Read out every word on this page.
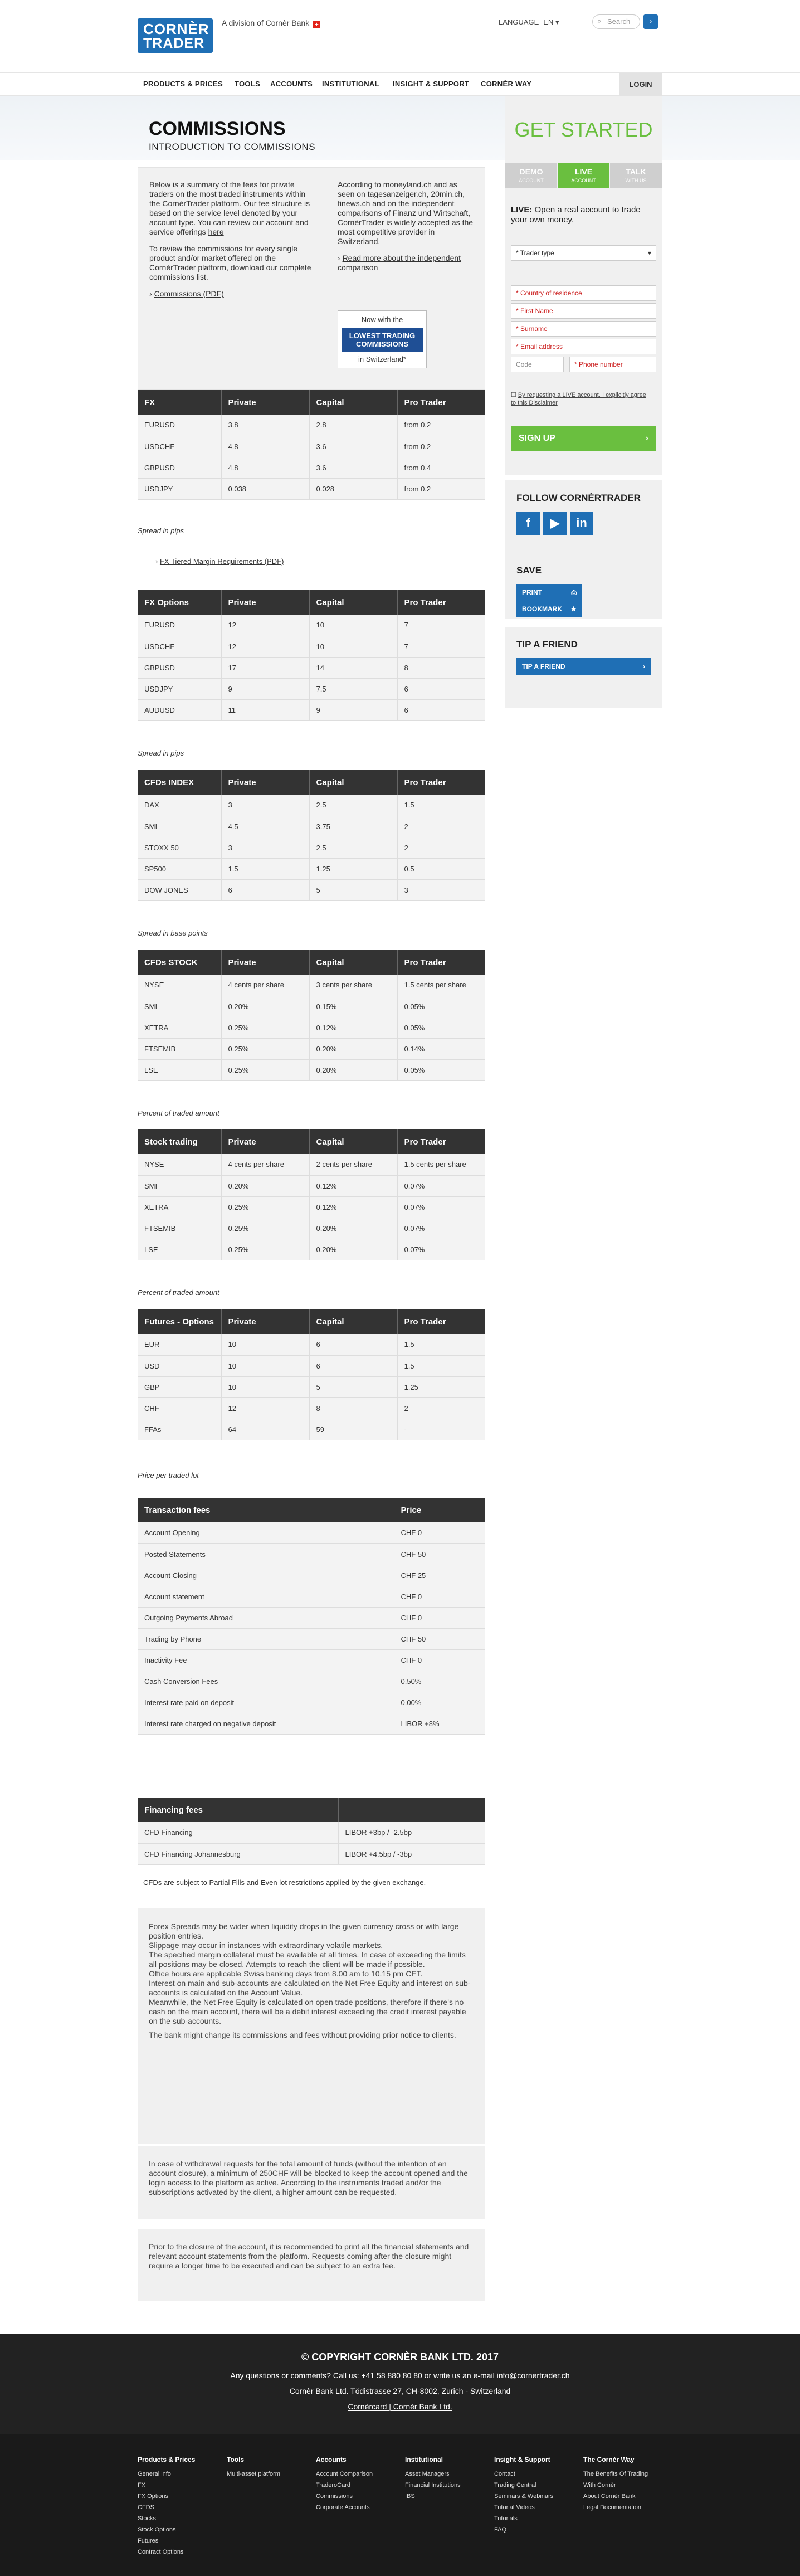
CORNÈR
TRADER
A division of Cornèr Bank +	LANGUAGE EN ▾	⌕ Search	›
PRODUCTS & PRICES TOOLS ACCOUNTS INSTITUTIONAL INSIGHT & SUPPORT CORNÈR WAY	LOGIN
COMMISSIONS
INTRODUCTION TO COMMISSIONS

Below is a summary of the fees for private traders on the most traded instruments within the CornèrTrader platform. Our fee structure is based on the service level denoted by your account type. You can review our account and service offerings here

To review the commissions for every single product and/or market offered on the CornèrTrader platform, download our complete commissions list.

› Commissions (PDF)

According to moneyland.ch and as seen on tagesanzeiger.ch, 20min.ch, finews.ch and on the independent comparisons of Finanz und Wirtschaft, CornèrTrader is widely accepted as the most competitive provider in Switzerland.

› Read more about the independent comparison

Now with the
LOWEST TRADING COMMISSIONS
in Switzerland*
FX	Private	Capital	Pro Trader
EURUSD	3.8	2.8	from 0.2
USDCHF	4.8	3.6	from 0.2
GBPUSD	4.8	3.6	from 0.4
USDJPY	0.038	0.028	from 0.2
Spread in pips
› FX Tiered Margin Requirements (PDF)
FX Options	Private	Capital	Pro Trader
EURUSD	12	10	7
USDCHF	12	10	7
GBPUSD	17	14	8
USDJPY	9	7.5	6
AUDUSD	11	9	6
Spread in pips
CFDs INDEX	Private	Capital	Pro Trader
DAX	3	2.5	1.5
SMI	4.5	3.75	2
STOXX 50	3	2.5	2
SP500	1.5	1.25	0.5
DOW JONES	6	5	3
Spread in base points
CFDs STOCK	Private	Capital	Pro Trader
NYSE	4 cents per share	3 cents per share	1.5 cents per share
SMI	0.20%	0.15%	0.05%
XETRA	0.25%	0.12%	0.05%
FTSEMIB	0.25%	0.20%	0.14%
LSE	0.25%	0.20%	0.05%
Percent of traded amount
Stock trading	Private	Capital	Pro Trader
NYSE	4 cents per share	2 cents per share	1.5 cents per share
SMI	0.20%	0.12%	0.07%
XETRA	0.25%	0.12%	0.07%
FTSEMIB	0.25%	0.20%	0.07%
LSE	0.25%	0.20%	0.07%
Percent of traded amount
Futures - Options	Private	Capital	Pro Trader
EUR	10	6	1.5
USD	10	6	1.5
GBP	10	5	1.25
CHF	12	8	2
FFAs	64	59	-
Price per traded lot
Transaction fees	Price
Account Opening	CHF 0
Posted Statements	CHF 50
Account Closing	CHF 25
Account statement	CHF 0
Outgoing Payments Abroad	CHF 0
Trading by Phone	CHF 50
Inactivity Fee	CHF 0
Cash Conversion Fees	0.50%
Interest rate paid on deposit	0.00%
Interest rate charged on negative deposit	LIBOR +8%
Financing fees	
CFD Financing	LIBOR +3bp / -2.5bp
CFD Financing Johannesburg	LIBOR +4.5bp / -3bp
CFDs are subject to Partial Fills and Even lot restrictions applied by the given exchange.

Forex Spreads may be wider when liquidity drops in the given currency cross or with large position entries.

Slippage may occur in instances with extraordinary volatile markets.

The specified margin collateral must be available at all times. In case of exceeding the limits all positions may be closed. Attempts to reach the client will be made if possible.

Office hours are applicable Swiss banking days from 8.00 am to 10.15 pm CET.

Interest on main and sub-accounts are calculated on the Net Free Equity and interest on sub-accounts is calculated on the Account Value.

Meanwhile, the Net Free Equity is calculated on open trade positions, therefore if there's no cash on the main account, there will be a debit interest exceeding the credit interest payable on the sub-accounts.

The bank might change its commissions and fees without providing prior notice to clients.

In case of withdrawal requests for the total amount of funds (without the intention of an account closure), a minimum of 250CHF will be blocked to keep the account opened and the login access to the platform as active. According to the instruments traded and/or the subscriptions activated by the client, a higher amount can be requested.

Prior to the closure of the account, it is recommended to print all the financial statements and relevant account statements from the platform. Requests coming after the closure might require a longer time to be executed and can be subject to an extra fee.

GET STARTED
DEMO
ACCOUNT
LIVE
ACCOUNT
TALK
WITH US
LIVE: Open a real account to trade your own money.
* Trader type	▾
* Country of residence
* First Name
* Surname
* Email address
Code	* Phone number
☐ By requesting a LIVE account, I explicitly agree to this Disclaimer
SIGN UP	›
FOLLOW CORNÈRTRADER
f ▶ in
SAVE
PRINT	⎙
BOOKMARK ★
TIP A FRIEND
TIP A FRIEND	›
© COPYRIGHT CORNÈR BANK LTD. 2017
Any questions or comments? Call us: +41 58 880 80 80 or write us an e-mail info@cornertrader.ch
Cornèr Bank Ltd. Tödistrasse 27, CH-8002, Zurich - Switzerland
Cornèrcard | Cornèr Bank Ltd.
Products & Prices
General info
FX
FX Options
CFDS
Stocks
Stock Options
Futures
Contract Options
Tools
Multi-asset platform
Accounts
Account Comparison
TraderoCard
Commissions
Corporate Accounts
Institutional
Asset Managers
Financial Institutions
IBS
Insight & Support
Contact
Trading Central
Seminars & Webinars
Tutorial Videos
Tutorials
FAQ
The Cornèr Way
The Benefits Of Trading With Cornèr
About Cornèr Bank
Legal Documentation
